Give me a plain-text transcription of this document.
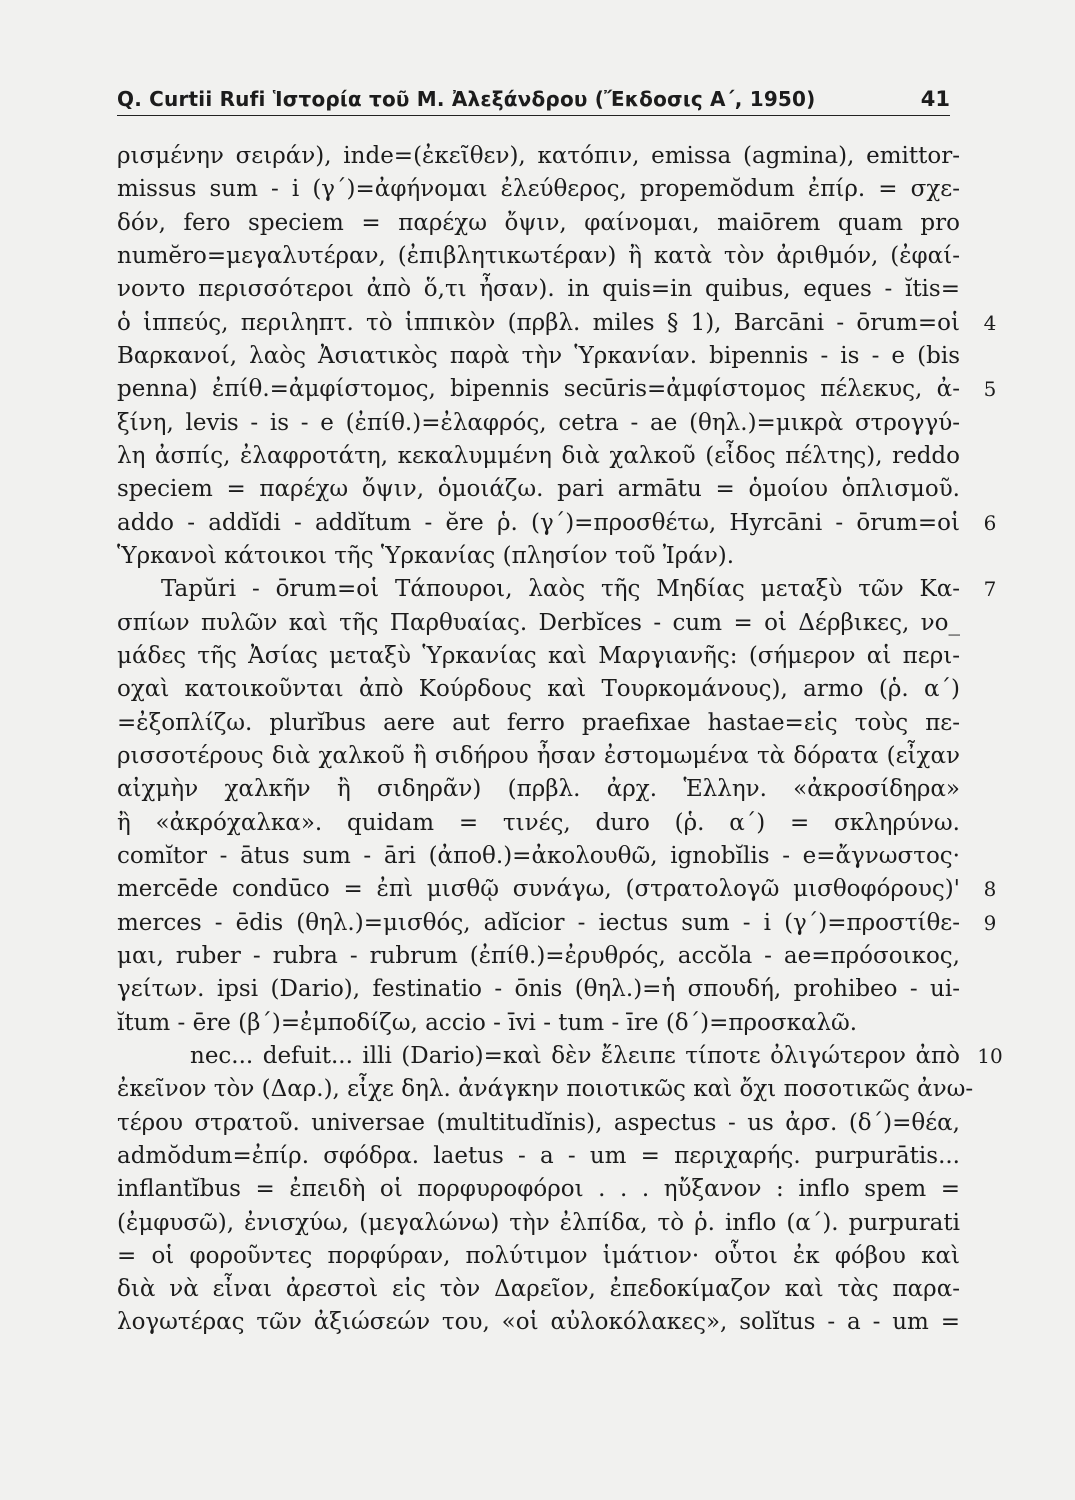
Q. Curtii Rufi Ἱστορία τοῦ Μ. Ἀλεξάνδρου (Ἔκδοσις Α΄, 1950)	41
ρισμένην σειράν), inde=(ἐκεῖθεν), κατόπιν, emissa (agmina), emittor-
missus sum - i (γ΄)=ἀφήνομαι ἐλεύθερος, propemŏdum ἐπίρ. = σχε-
δόν, fero speciem = παρέχω ὄψιν, φαίνομαι, maiōrem quam pro
numĕro=μεγαλυτέραν, (ἐπιβλητικωτέραν) ἢ κατὰ τὸν ἀριθμόν, (ἐφαί-
νοντο περισσότεροι ἀπὸ ὅ,τι ἦσαν). in quis=in quibus, eques - ĭtis=
ὁ ἱππεύς, περιληπτ. τὸ ἱππικὸν (πρβλ. miles § 1), Barcāni - ōrum=οἱ	4
Βαρκανοί, λαὸς Ἀσιατικὸς παρὰ τὴν Ὑρκανίαν. bipennis - is - e (bis
penna) ἐπίθ.=ἀμφίστομος, bipennis secūris=ἀμφίστομος πέλεκυς, ἀ-	5
ξίνη, levis - is - e (ἐπίθ.)=ἐλαφρός, cetra - ae (θηλ.)=μικρὰ στρογγύ-
λη ἀσπίς, ἐλαφροτάτη, κεκαλυμμένη διὰ χαλκοῦ (εἶδος πέλτης), reddo
speciem = παρέχω ὄψιν, ὁμοιάζω. pari armātu = ὁμοίου ὁπλισμοῦ.
addo - addĭdi - addĭtum - ĕre ῥ. (γ΄)=προσθέτω, Hyrcāni - ōrum=οἱ	6
Ὑρκανοὶ κάτοικοι τῆς Ὑρκανίας (πλησίον τοῦ Ἰράν).
Tapŭri - ōrum=οἱ Τάπουροι, λαὸς τῆς Μηδίας μεταξὺ τῶν Κα-	7
σπίων πυλῶν καὶ τῆς Παρθυαίας. Derbĭces - cum = οἱ Δέρβικες, νο_
μάδες τῆς Ἀσίας μεταξὺ Ὑρκανίας καὶ Μαργιανῆς: (σήμερον αἱ περι-
οχαὶ κατοικοῦνται ἀπὸ Κούρδους καὶ Τουρκομάνους), armo (ῥ. α΄)
=ἐξοπλίζω. plurĭbus aere aut ferro praefixae hastae=εἰς τοὺς πε-
ρισσοτέρους διὰ χαλκοῦ ἢ σιδήρου ἦσαν ἐστομωμένα τὰ δόρατα (εἶχαν
αἰχμὴν χαλκῆν ἢ σιδηρᾶν) (πρβλ. ἀρχ. Ἑλλην. «ἀκροσίδηρα»
ἢ «ἀκρόχαλκα». quidam = τινές, duro (ῥ. α΄) = σκληρύνω.
comĭtor - ātus sum - āri (ἀποθ.)=ἀκολουθῶ, ignobĭlis - e=ἄγνωστος·
mercēde condūco = ἐπὶ μισθῷ συνάγω, (στρατολογῶ μισθοφόρους)'	8
merces - ēdis (θηλ.)=μισθός, adĭcior - iectus sum - i (γ΄)=προστίθε-	9
μαι, ruber - rubra - rubrum (ἐπίθ.)=ἐρυθρός, accŏla - ae=πρόσοικος,
γείτων. ipsi (Dario), festinatio - ōnis (θηλ.)=ἡ σπουδή, prohibeo - ui-
ĭtum - ēre (β΄)=ἐμποδίζω, accio - īvi - tum - īre (δ΄)=προσκαλῶ.
nec... defuit... illi (Dario)=καὶ δὲν ἔλειπε τίποτε ὀλιγώτερον ἀπὸ 10
ἐκεῖνον τὸν (Δαρ.), εἶχε δηλ. ἀνάγκην ποιοτικῶς καὶ ὄχι ποσοτικῶς ἀνω-
τέρου στρατοῦ. universae (multitudĭnis), aspectus - us ἀρσ. (δ΄)=θέα,
admŏdum=ἐπίρ. σφόδρα. laetus - a - um = περιχαρής. purpurātis...
inflantĭbus = ἐπειδὴ οἱ πορφυροφόροι . . . ηὔξανον : inflo spem =
(ἐμφυσῶ), ἐνισχύω, (μεγαλώνω) τὴν ἐλπίδα, τὸ ῥ. inflo (α΄). purpurati
= οἱ φοροῦντες πορφύραν, πολύτιμον ἱμάτιον· οὗτοι ἐκ φόβου καὶ
διὰ νὰ εἶναι ἀρεστοὶ εἰς τὸν Δαρεῖον, ἐπεδοκίμαζον καὶ τὰς παρα-
λογωτέρας τῶν ἀξιώσεών του, «οἱ αὐλοκόλακες», solĭtus - a - um =
